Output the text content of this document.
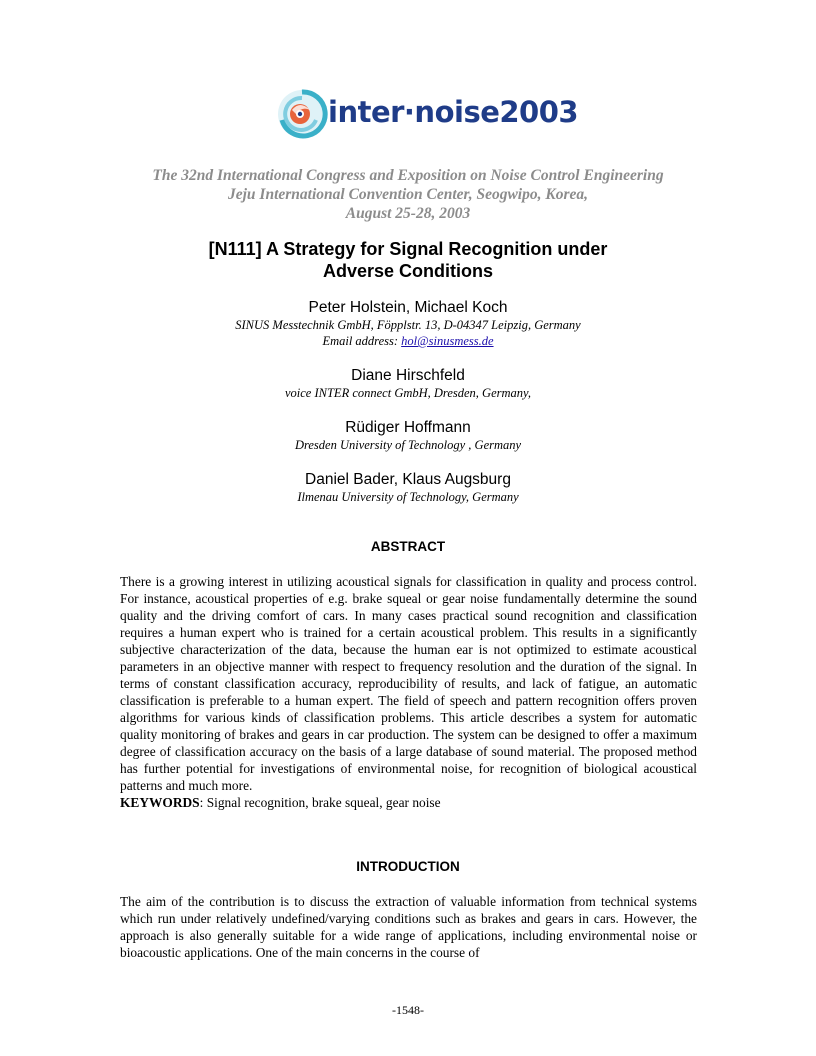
inter·noise2003
The 32nd International Congress and Exposition on Noise Control Engineering
Jeju International Convention Center, Seogwipo, Korea,
August 25-28, 2003
[N111] A Strategy for Signal Recognition under
Adverse Conditions
Peter Holstein, Michael Koch
SINUS Messtechnik GmbH, Föpplstr. 13, D-04347 Leipzig, Germany
Email address: hol@sinusmess.de
Diane Hirschfeld
voice INTER connect GmbH, Dresden, Germany,
Rüdiger Hoffmann
Dresden University of Technology , Germany
Daniel Bader, Klaus Augsburg
Ilmenau University of Technology, Germany
ABSTRACT

There is a growing interest in utilizing acoustical signals for classification in quality and process control. For instance, acoustical properties of e.g. brake squeal or gear noise fundamentally determine the sound quality and the driving comfort of cars. In many cases practical sound recognition and classification requires a human expert who is trained for a certain acoustical problem. This results in a significantly subjective characterization of the data, because the human ear is not optimized to estimate acoustical parameters in an objective manner with respect to frequency resolution and the duration of the signal. In terms of constant classification accuracy, reproducibility of results, and lack of fatigue, an automatic classification is preferable to a human expert. The field of speech and pattern recognition offers proven algorithms for various kinds of classification problems. This article describes a system for automatic quality monitoring of brakes and gears in car production. The system can be designed to offer a maximum degree of classification accuracy on the basis of a large database of sound material. The proposed method has further potential for investigations of environmental noise, for recognition of biological acoustical patterns and much more.

KEYWORDS: Signal recognition, brake squeal, gear noise

INTRODUCTION

The aim of the contribution is to discuss the extraction of valuable information from technical systems which run under relatively undefined/varying conditions such as brakes and gears in cars. However, the approach is also generally suitable for a wide range of applications, including environmental noise or bioacoustic applications. One of the main concerns in the course of

-1548-
